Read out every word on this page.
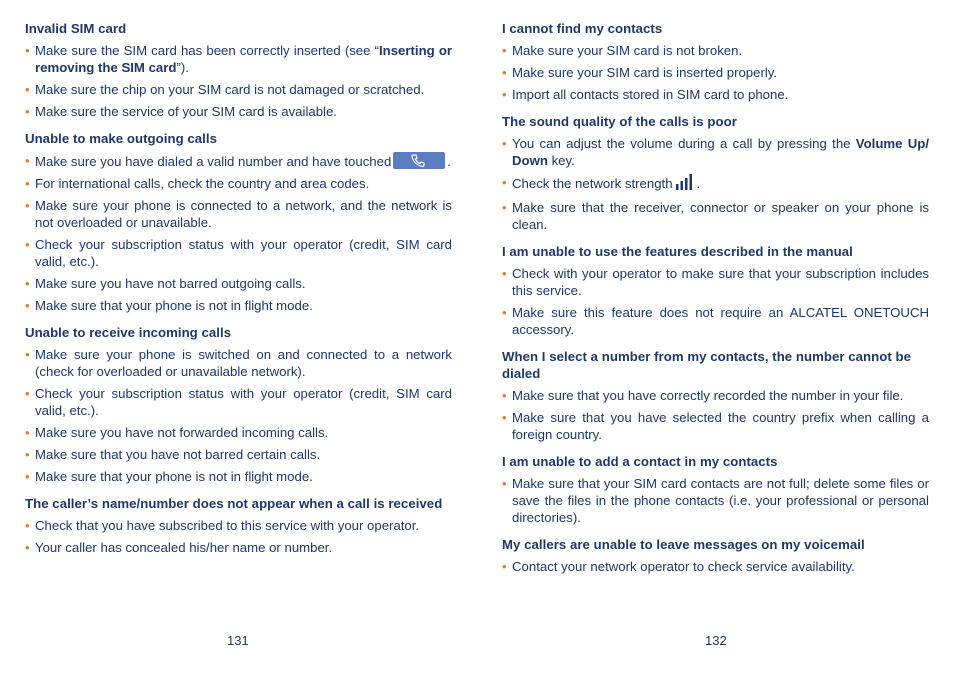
Invalid SIM card
• Make sure the SIM card has been correctly inserted (see “Inserting or removing the SIM card”).
• Make sure the chip on your SIM card is not damaged or scratched.
• Make sure the service of your SIM card is available.
Unable to make outgoing calls
• Make sure you have dialed a valid number and have touched	.
• For international calls, check the country and area codes.
• Make sure your phone is connected to a network, and the network is not overloaded or unavailable.
• Check your subscription status with your operator (credit, SIM card valid, etc.).
• Make sure you have not barred outgoing calls.
• Make sure that your phone is not in flight mode.
Unable to receive incoming calls
• Make sure your phone is switched on and connected to a network (check for overloaded or unavailable network).
• Check your subscription status with your operator (credit, SIM card valid, etc.).
• Make sure you have not forwarded incoming calls.
• Make sure that you have not barred certain calls.
• Make sure that your phone is not in flight mode.
The caller’s name/number does not appear when a call is received
• Check that you have subscribed to this service with your operator.
• Your caller has concealed his/her name or number.
I cannot find my contacts
• Make sure your SIM card is not broken.
• Make sure your SIM card is inserted properly.
• Import all contacts stored in SIM card to phone.
The sound quality of the calls is poor
• You can adjust the volume during a call by pressing the Volume Up/ Down key.
• Check the network strength .
• Make sure that the receiver, connector or speaker on your phone is clean.
I am unable to use the features described in the manual
• Check with your operator to make sure that your subscription includes this service.
• Make sure this feature does not require an ALCATEL ONETOUCH accessory.
When I select a number from my contacts, the number cannot be dialed
• Make sure that you have correctly recorded the number in your file.
• Make sure that you have selected the country prefix when calling a foreign country.
I am unable to add a contact in my contacts
• Make sure that your SIM card contacts are not full; delete some files or save the files in the phone contacts (i.e. your professional or personal directories).
My callers are unable to leave messages on my voicemail
• Contact your network operator to check service availability.
131	132
